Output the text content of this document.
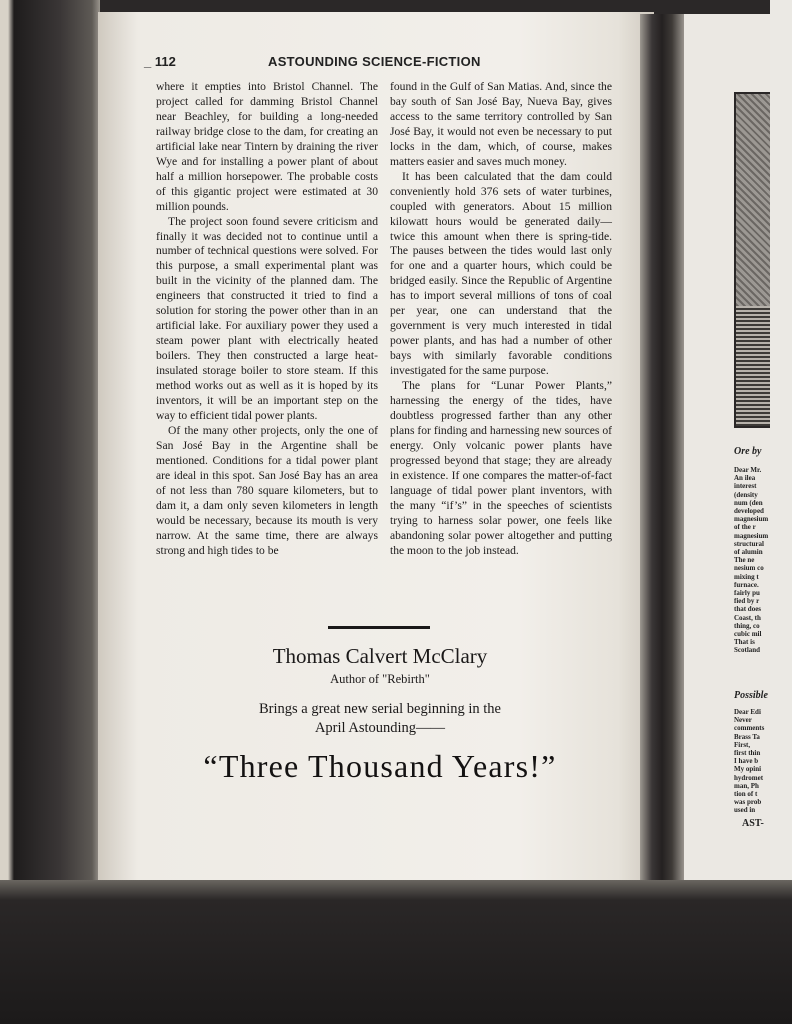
Ore by
Dear Mr.
An ilea
interest
(density
num (den
developed
magnesium
of the r
magnesium
structural
of alumin
The ne
nesium co
mixing t
furnace.
fairly pu
fied by r
that does
Coast, th
thing, co
cubic mil
That is
Scotland
Possible
Dear Edi
Never
comments
Brass Ta
First,
first thin
I have b
My opini
hydromet
man, Ph
tion of t
was prob
used in
AST-
_ 112	ASTOUNDING SCIENCE-FICTION

where it empties into Bristol Channel. The project called for damming Bristol Channel near Beachley, for building a long-needed railway bridge close to the dam, for creating an artificial lake near Tintern by draining the river Wye and for installing a power plant of about half a million horsepower. The probable costs of this gigantic project were estimated at 30 million pounds.

The project soon found severe criticism and finally it was decided not to continue until a number of technical questions were solved. For this purpose, a small experimental plant was built in the vicinity of the planned dam. The engineers that constructed it tried to find a solution for storing the power other than in an artificial lake. For auxiliary power they used a steam power plant with electrically heated boilers. They then constructed a large heat-insulated storage boiler to store steam. If this method works out as well as it is hoped by its inventors, it will be an important step on the way to efficient tidal power plants.

Of the many other projects, only the one of San José Bay in the Argentine shall be mentioned. Conditions for a tidal power plant are ideal in this spot. San José Bay has an area of not less than 780 square kilometers, but to dam it, a dam only seven kilometers in length would be necessary, because its mouth is very narrow. At the same time, there are always strong and high tides to be

found in the Gulf of San Matias. And, since the bay south of San José Bay, Nueva Bay, gives access to the same territory controlled by San José Bay, it would not even be necessary to put locks in the dam, which, of course, makes matters easier and saves much money.

It has been calculated that the dam could conveniently hold 376 sets of water turbines, coupled with generators. About 15 million kilowatt hours would be generated daily—twice this amount when there is spring-tide. The pauses between the tides would last only for one and a quarter hours, which could be bridged easily. Since the Republic of Argentine has to import several millions of tons of coal per year, one can understand that the government is very much interested in tidal power plants, and has had a number of other bays with similarly favorable conditions investigated for the same purpose.

The plans for “Lunar Power Plants,” harnessing the energy of the tides, have doubtless progressed farther than any other plans for finding and harnessing new sources of energy. Only volcanic power plants have progressed beyond that stage; they are already in existence. If one compares the matter-of-fact language of tidal power plant inventors, with the many “if’s” in the speeches of scientists trying to harness solar power, one feels like abandoning solar power altogether and putting the moon to the job instead.

Thomas Calvert McClary
Author of "Rebirth"
Brings a great new serial beginning in the
April Astounding——
“Three Thousand Years!”
